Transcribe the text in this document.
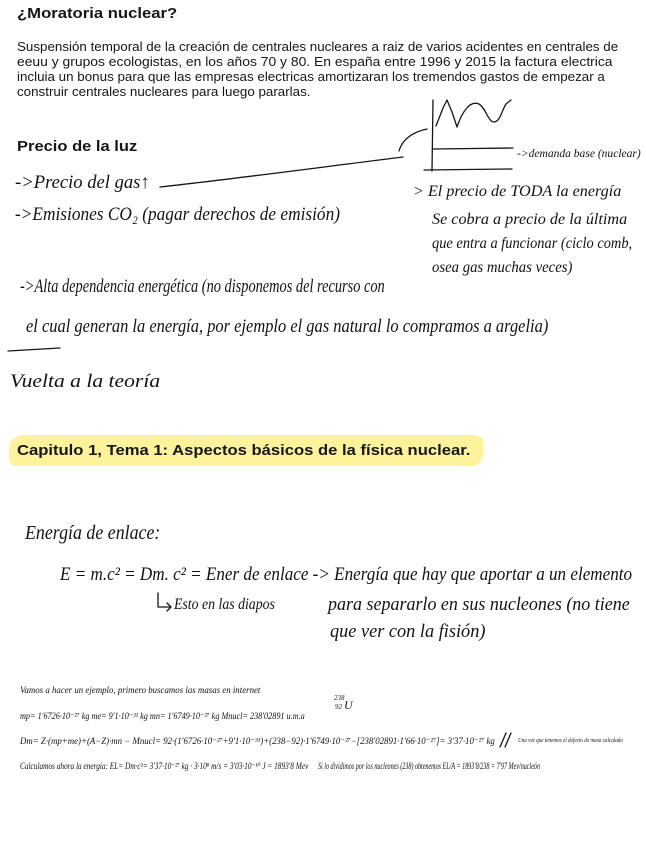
¿Moratoria nuclear?
Suspensión temporal de la creación de centrales nucleares a raiz de varios acidentes en centrales de
eeuu y grupos ecologistas, en los años 70 y 80. En españa entre 1996 y 2015 la factura electrica
incluia un bonus para que las empresas electricas amortizaran los tremendos gastos de empezar a
construir centrales nucleares para luego pararlas.
Precio de la luz
->Precio del gas↑
->Emisiones CO₂ (pagar derechos de emisión)
->demanda base (nuclear)
> El precio de TODA la energía
Se cobra a precio de la última
que entra a funcionar (ciclo comb,
osea gas muchas veces)
->Alta dependencia energética (no disponemos del recurso con
el cual generan la energía, por ejemplo el gas natural lo compramos a argelia)
Vuelta a la teoría
Capitulo 1, Tema 1: Aspectos básicos de la física nuclear.
Energía de enlace:
E = m.c² = Dm. c² = Ener de enlace -> Energía que hay que aportar a un elemento
Esto en las diapos	para separarlo en sus nucleones (no tiene
que ver con la fisión)
Vamos a hacer un ejemplo, primero buscamos las masas en internet
238
92 U
mp= 1'6726·10⁻²⁷ kg me= 9'1·10⁻³¹ kg mn= 1'6749·10⁻²⁷ kg Mnucl= 238'02891 u.m.a
Dm= Z·(mp+me)+(A−Z)·mn − Mnucl= 92·(1'6726·10⁻²⁷+9'1·10⁻³¹)+(238−92)·1'6749·10⁻²⁷−[238'02891·1'66·10⁻²⁷]= 3'37·10⁻²⁷ kg	Una vez que tenemos el defecto de masa calculado
Calculamos ahora la energía: EL= Dm·c²= 3'37·10⁻²⁷ kg · 3·10⁸ m/s = 3'03·10⁻¹⁰ J = 1893'8 Mev Si lo dividimos por los nucleones (238) obtenemos EL/A = 1893'8/238 = 7'97 Mev/nucleón
